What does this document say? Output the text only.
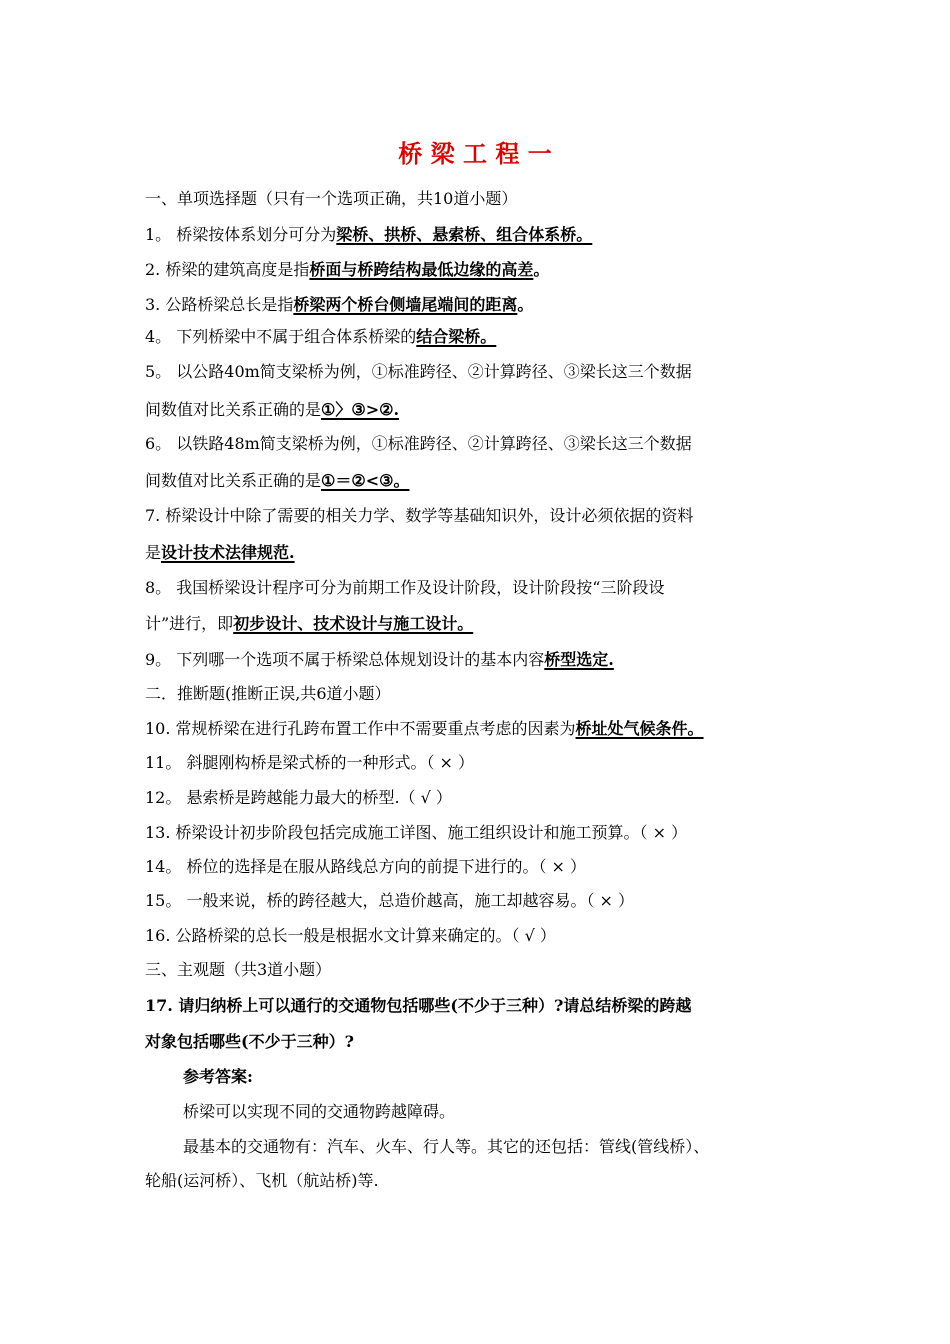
桥 梁 工 程 一
一、单项选择题（只有一个选项正确，共10道小题）
1。 桥梁按体系划分可分为梁桥、拱桥、悬索桥、组合体系桥。
2. 桥梁的建筑高度是指桥面与桥跨结构最低边缘的高差。
3. 公路桥梁总长是指桥梁两个桥台侧墙尾端间的距离。
4。 下列桥梁中不属于组合体系桥梁的结合梁桥。
5。 以公路40m简支梁桥为例，①标准跨径、②计算跨径、③梁长这三个数据
间数值对比关系正确的是①〉③>②.
6。 以铁路48m简支梁桥为例，①标准跨径、②计算跨径、③梁长这三个数据
间数值对比关系正确的是①＝②<③。
7. 桥梁设计中除了需要的相关力学、数学等基础知识外，设计必须依据的资料
是设计技术法律规范.
8。 我国桥梁设计程序可分为前期工作及设计阶段，设计阶段按“三阶段设
计”进行，即初步设计、技术设计与施工设计。
9。 下列哪一个选项不属于桥梁总体规划设计的基本内容桥型选定.
二．推断题(推断正误,共6道小题）
10. 常规桥梁在进行孔跨布置工作中不需要重点考虑的因素为桥址处气候条件。
11。 斜腿刚构桥是梁式桥的一种形式。（ × ）
12。 悬索桥是跨越能力最大的桥型.（ √ ）
13. 桥梁设计初步阶段包括完成施工详图、施工组织设计和施工预算。（ × ）
14。 桥位的选择是在服从路线总方向的前提下进行的。（ × ）
15。 一般来说，桥的跨径越大，总造价越高，施工却越容易。（ × ）
16. 公路桥梁的总长一般是根据水文计算来确定的。（ √ ）
三、主观题（共3道小题）
17. 请归纳桥上可以通行的交通物包括哪些(不少于三种）?请总结桥梁的跨越
对象包括哪些(不少于三种）?
参考答案:
桥梁可以实现不同的交通物跨越障碍。
最基本的交通物有：汽车、火车、行人等。其它的还包括：管线(管线桥）、
轮船(运河桥）、飞机（航站桥)等.
